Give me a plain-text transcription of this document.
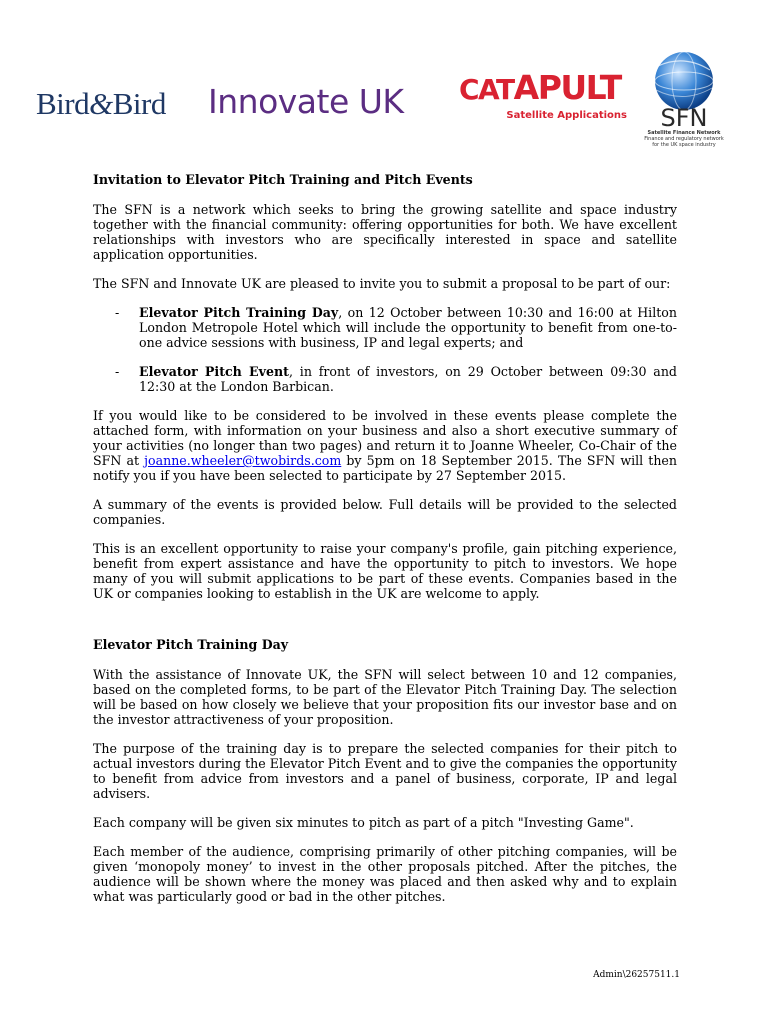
Bird&Bird Innovate UK CATAPULT
Satellite Applications	SFN
Satellite Finance Network
Finance and regulatory network for the UK space industry
Invitation to Elevator Pitch Training and Pitch Events

The SFN is a network which seeks to bring the growing satellite and space industry together with the financial community: offering opportunities for both. We have excellent relationships with investors who are specifically interested in space and satellite application opportunities.

The SFN and Innovate UK are pleased to invite you to submit a proposal to be part of our:

- Elevator Pitch Training Day, on 12 October between 10:30 and 16:00 at Hilton London Metropole Hotel which will include the opportunity to benefit from one-to-one advice sessions with business, IP and legal experts; and
- Elevator Pitch Event, in front of investors, on 29 October between 09:30 and 12:30 at the London Barbican.

If you would like to be considered to be involved in these events please complete the attached form, with information on your business and also a short executive summary of your activities (no longer than two pages) and return it to Joanne Wheeler, Co-Chair of the SFN at joanne.wheeler@twobirds.com by 5pm on 18 September 2015. The SFN will then notify you if you have been selected to participate by 27 September 2015.

A summary of the events is provided below. Full details will be provided to the selected companies.

This is an excellent opportunity to raise your company's profile, gain pitching experience, benefit from expert assistance and have the opportunity to pitch to investors. We hope many of you will submit applications to be part of these events. Companies based in the UK or companies looking to establish in the UK are welcome to apply.

Elevator Pitch Training Day

With the assistance of Innovate UK, the SFN will select between 10 and 12 companies, based on the completed forms, to be part of the Elevator Pitch Training Day. The selection will be based on how closely we believe that your proposition fits our investor base and on the investor attractiveness of your proposition.

The purpose of the training day is to prepare the selected companies for their pitch to actual investors during the Elevator Pitch Event and to give the companies the opportunity to benefit from advice from investors and a panel of business, corporate, IP and legal advisers.

Each company will be given six minutes to pitch as part of a pitch "Investing Game".

Each member of the audience, comprising primarily of other pitching companies, will be given ‘monopoly money’ to invest in the other proposals pitched. After the pitches, the audience will be shown where the money was placed and then asked why and to explain what was particularly good or bad in the other pitches.

Admin\26257511.1
